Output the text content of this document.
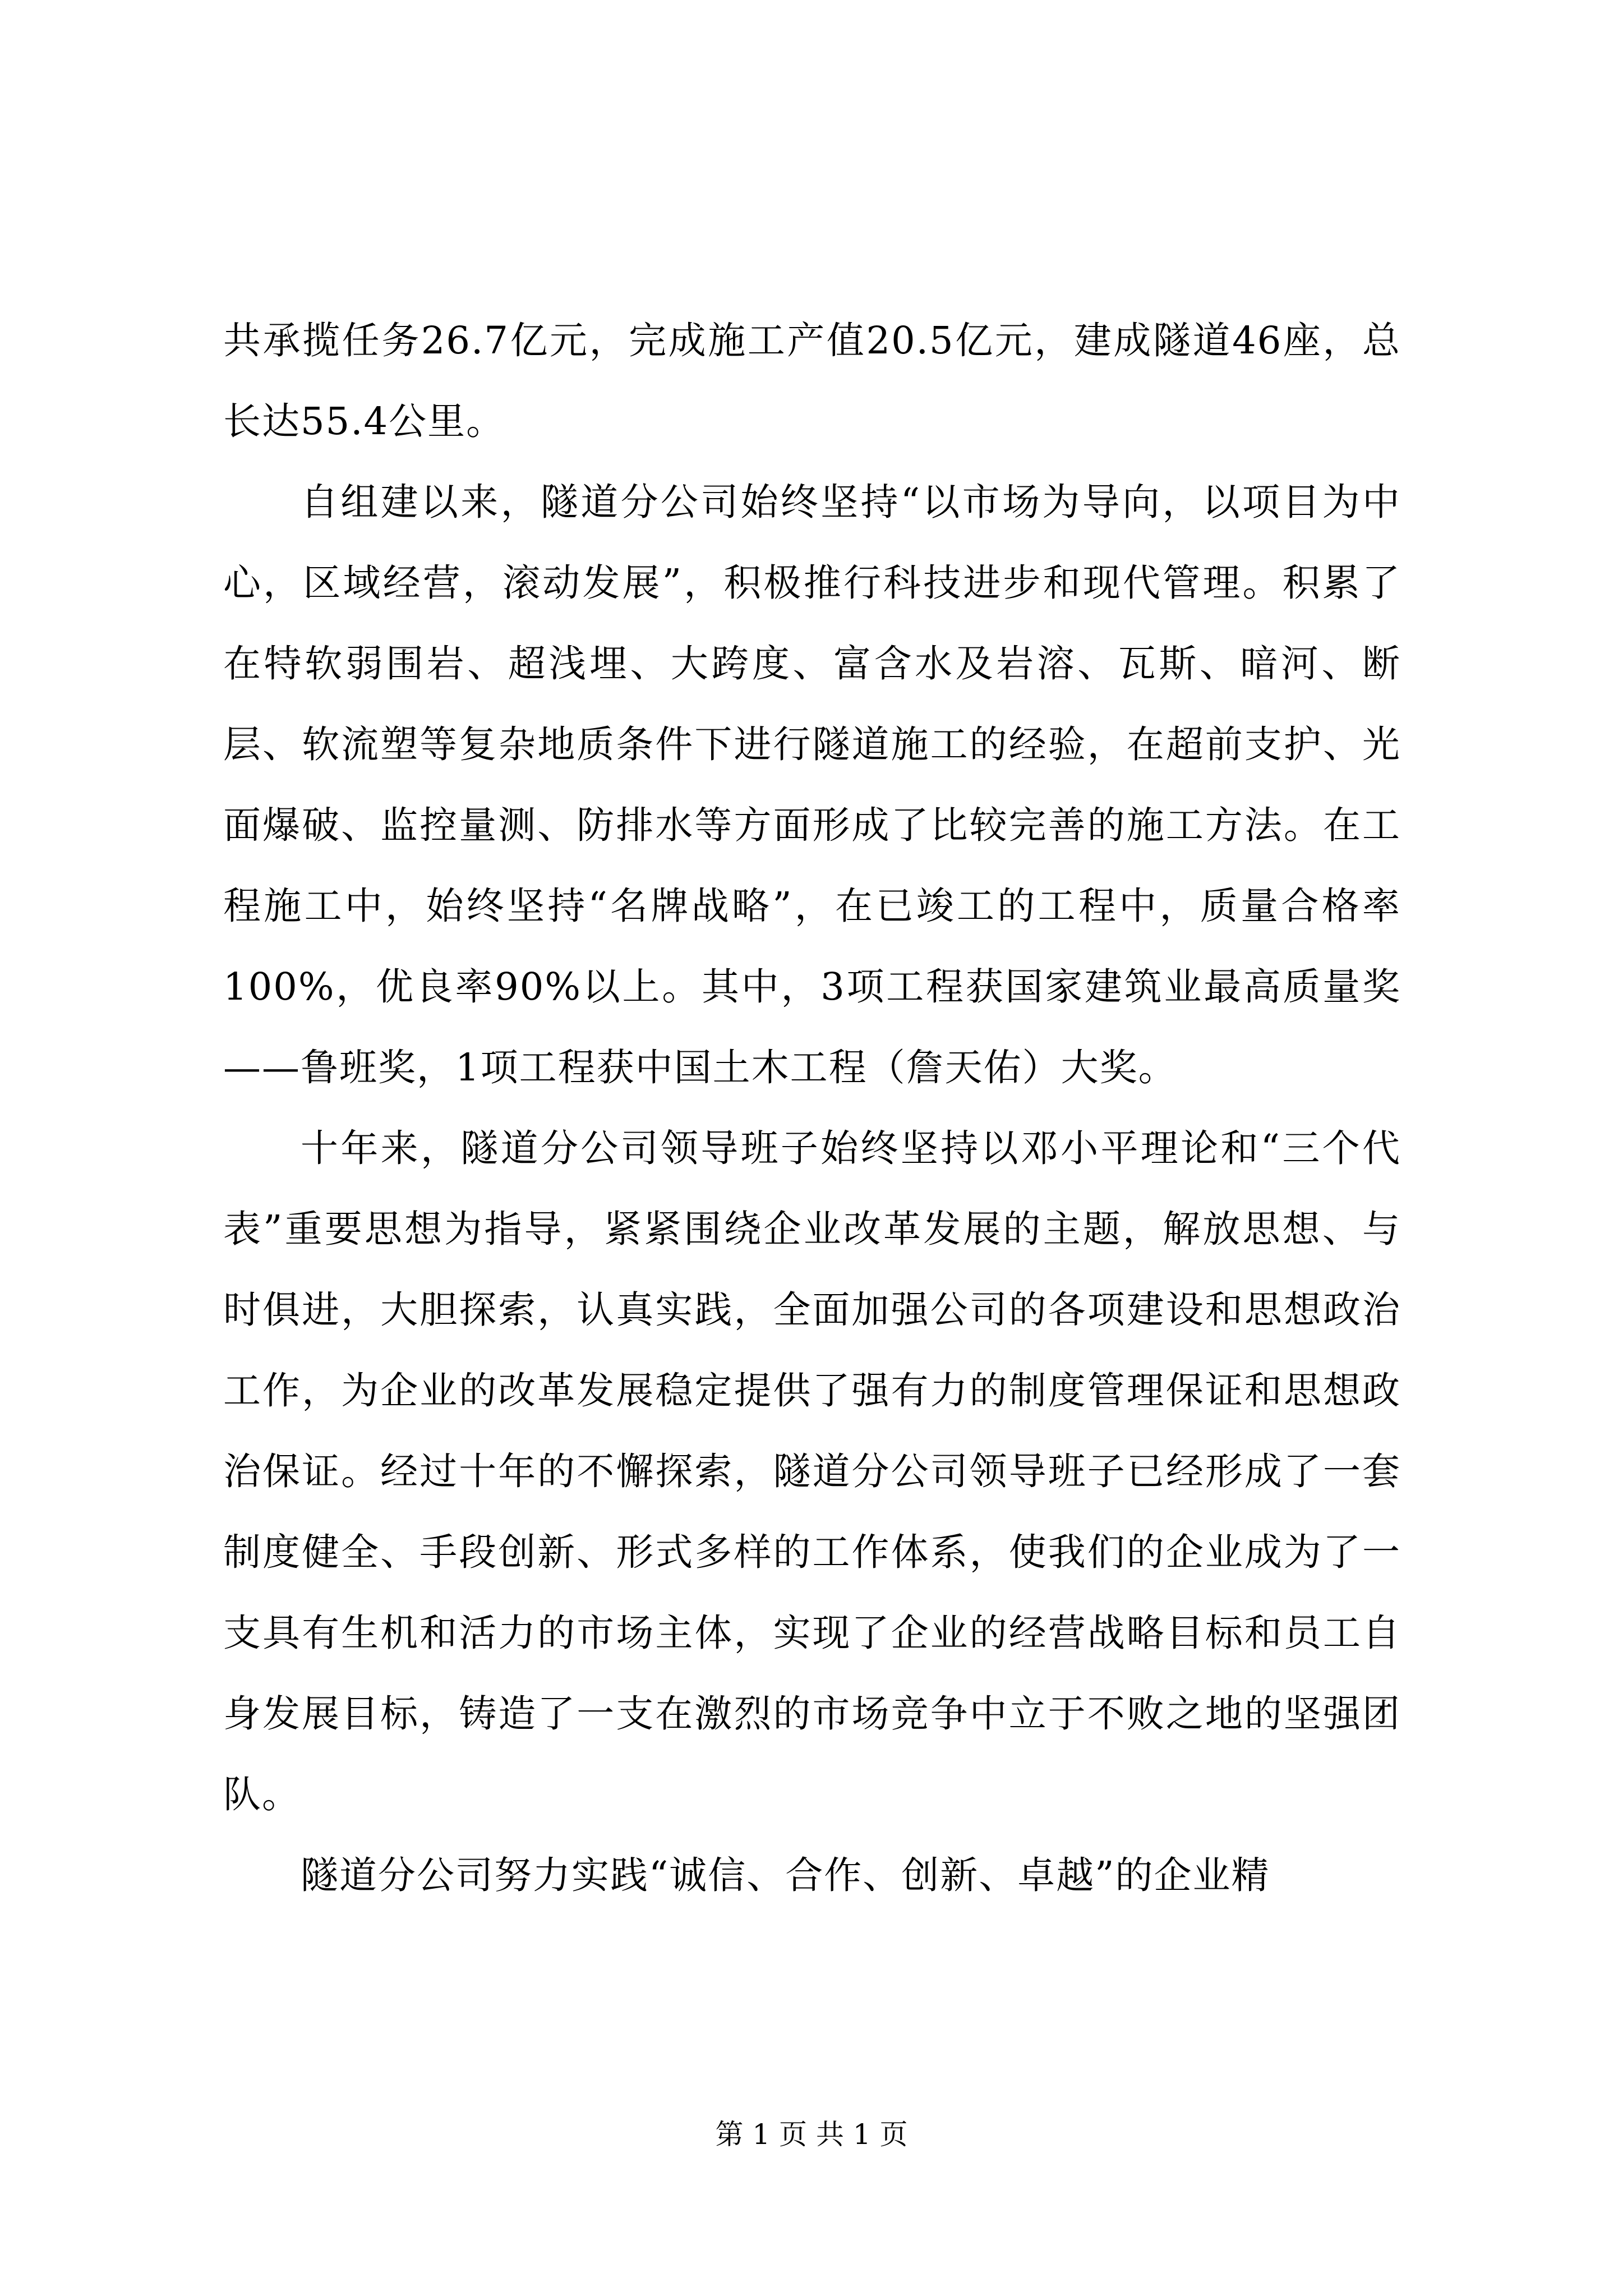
共承揽任务26.7亿元，完成施工产值20.5亿元，建成隧道46座，总长达55.4公里。

自组建以来，隧道分公司始终坚持“以市场为导向，以项目为中心，区域经营，滚动发展”，积极推行科技进步和现代管理。积累了在特软弱围岩、超浅埋、大跨度、富含水及岩溶、瓦斯、暗河、断层、软流塑等复杂地质条件下进行隧道施工的经验，在超前支护、光面爆破、监控量测、防排水等方面形成了比较完善的施工方法。在工程施工中，始终坚持“名牌战略”，在已竣工的工程中，质量合格率100%，优良率90%以上。其中，3项工程获国家建筑业最高质量奖——鲁班奖，1项工程获中国土木工程（詹天佑）大奖。

十年来，隧道分公司领导班子始终坚持以邓小平理论和“三个代表”重要思想为指导，紧紧围绕企业改革发展的主题，解放思想、与时俱进，大胆探索，认真实践，全面加强公司的各项建设和思想政治工作，为企业的改革发展稳定提供了强有力的制度管理保证和思想政治保证。经过十年的不懈探索，隧道分公司领导班子已经形成了一套制度健全、手段创新、形式多样的工作体系，使我们的企业成为了一支具有生机和活力的市场主体，实现了企业的经营战略目标和员工自身发展目标，铸造了一支在激烈的市场竞争中立于不败之地的坚强团队。

隧道分公司努力实践“诚信、合作、创新、卓越”的企业精

第 1 页 共 1 页
